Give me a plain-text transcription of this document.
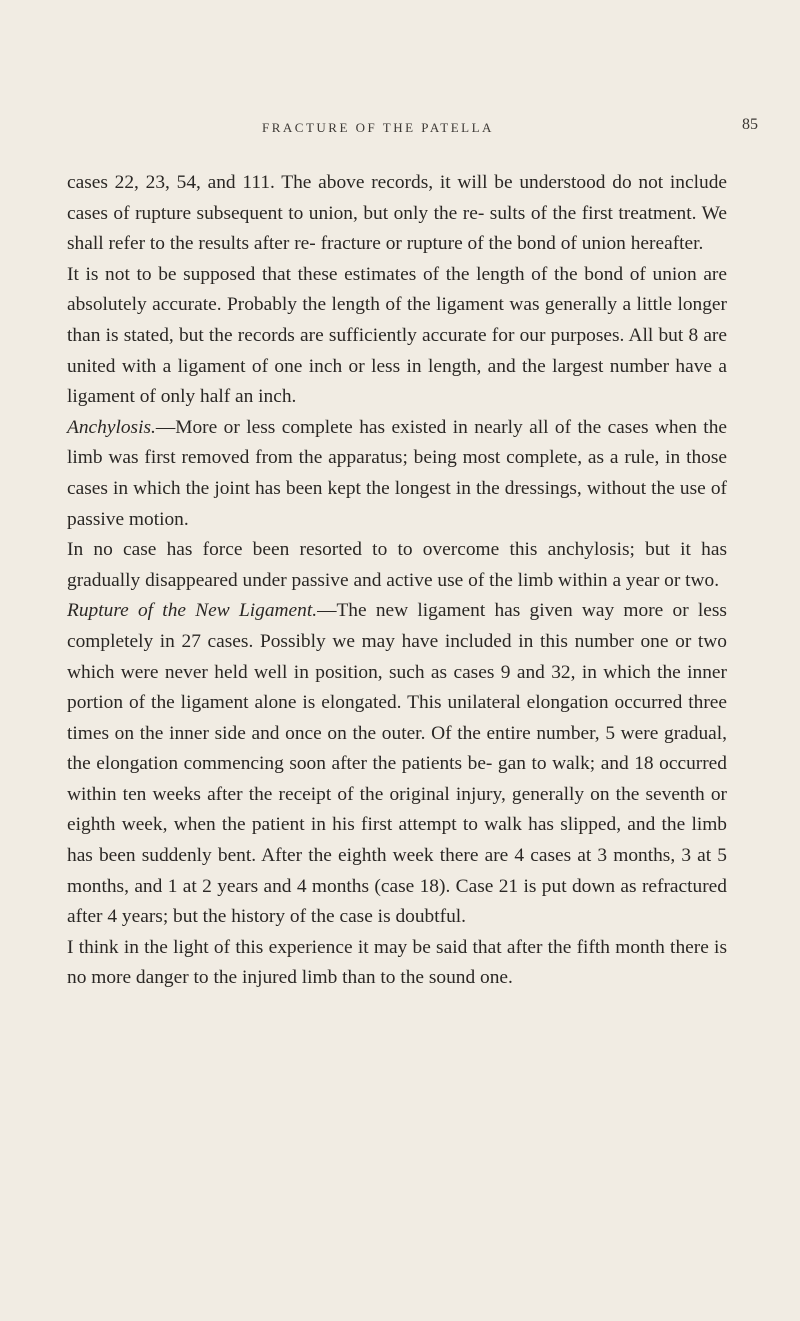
FRACTURE OF THE PATELLA	85

cases 22, 23, 54, and 111. The above records, it will be understood do not include cases of rupture subsequent to union, but only the re- sults of the first treatment. We shall refer to the results after re- fracture or rupture of the bond of union hereafter.

It is not to be supposed that these estimates of the length of the bond of union are absolutely accurate. Probably the length of the ligament was generally a little longer than is stated, but the records are sufficiently accurate for our purposes. All but 8 are united with a ligament of one inch or less in length, and the largest number have a ligament of only half an inch.

Anchylosis.—More or less complete has existed in nearly all of the cases when the limb was first removed from the apparatus; being most complete, as a rule, in those cases in which the joint has been kept the longest in the dressings, without the use of passive motion.

In no case has force been resorted to to overcome this anchylosis; but it has gradually disappeared under passive and active use of the limb within a year or two.

Rupture of the New Ligament.—The new ligament has given way more or less completely in 27 cases. Possibly we may have included in this number one or two which were never held well in position, such as cases 9 and 32, in which the inner portion of the ligament alone is elongated. This unilateral elongation occurred three times on the inner side and once on the outer. Of the entire number, 5 were gradual, the elongation commencing soon after the patients be- gan to walk; and 18 occurred within ten weeks after the receipt of the original injury, generally on the seventh or eighth week, when the patient in his first attempt to walk has slipped, and the limb has been suddenly bent. After the eighth week there are 4 cases at 3 months, 3 at 5 months, and 1 at 2 years and 4 months (case 18). Case 21 is put down as refractured after 4 years; but the history of the case is doubtful.

I think in the light of this experience it may be said that after the fifth month there is no more danger to the injured limb than to the sound one.
